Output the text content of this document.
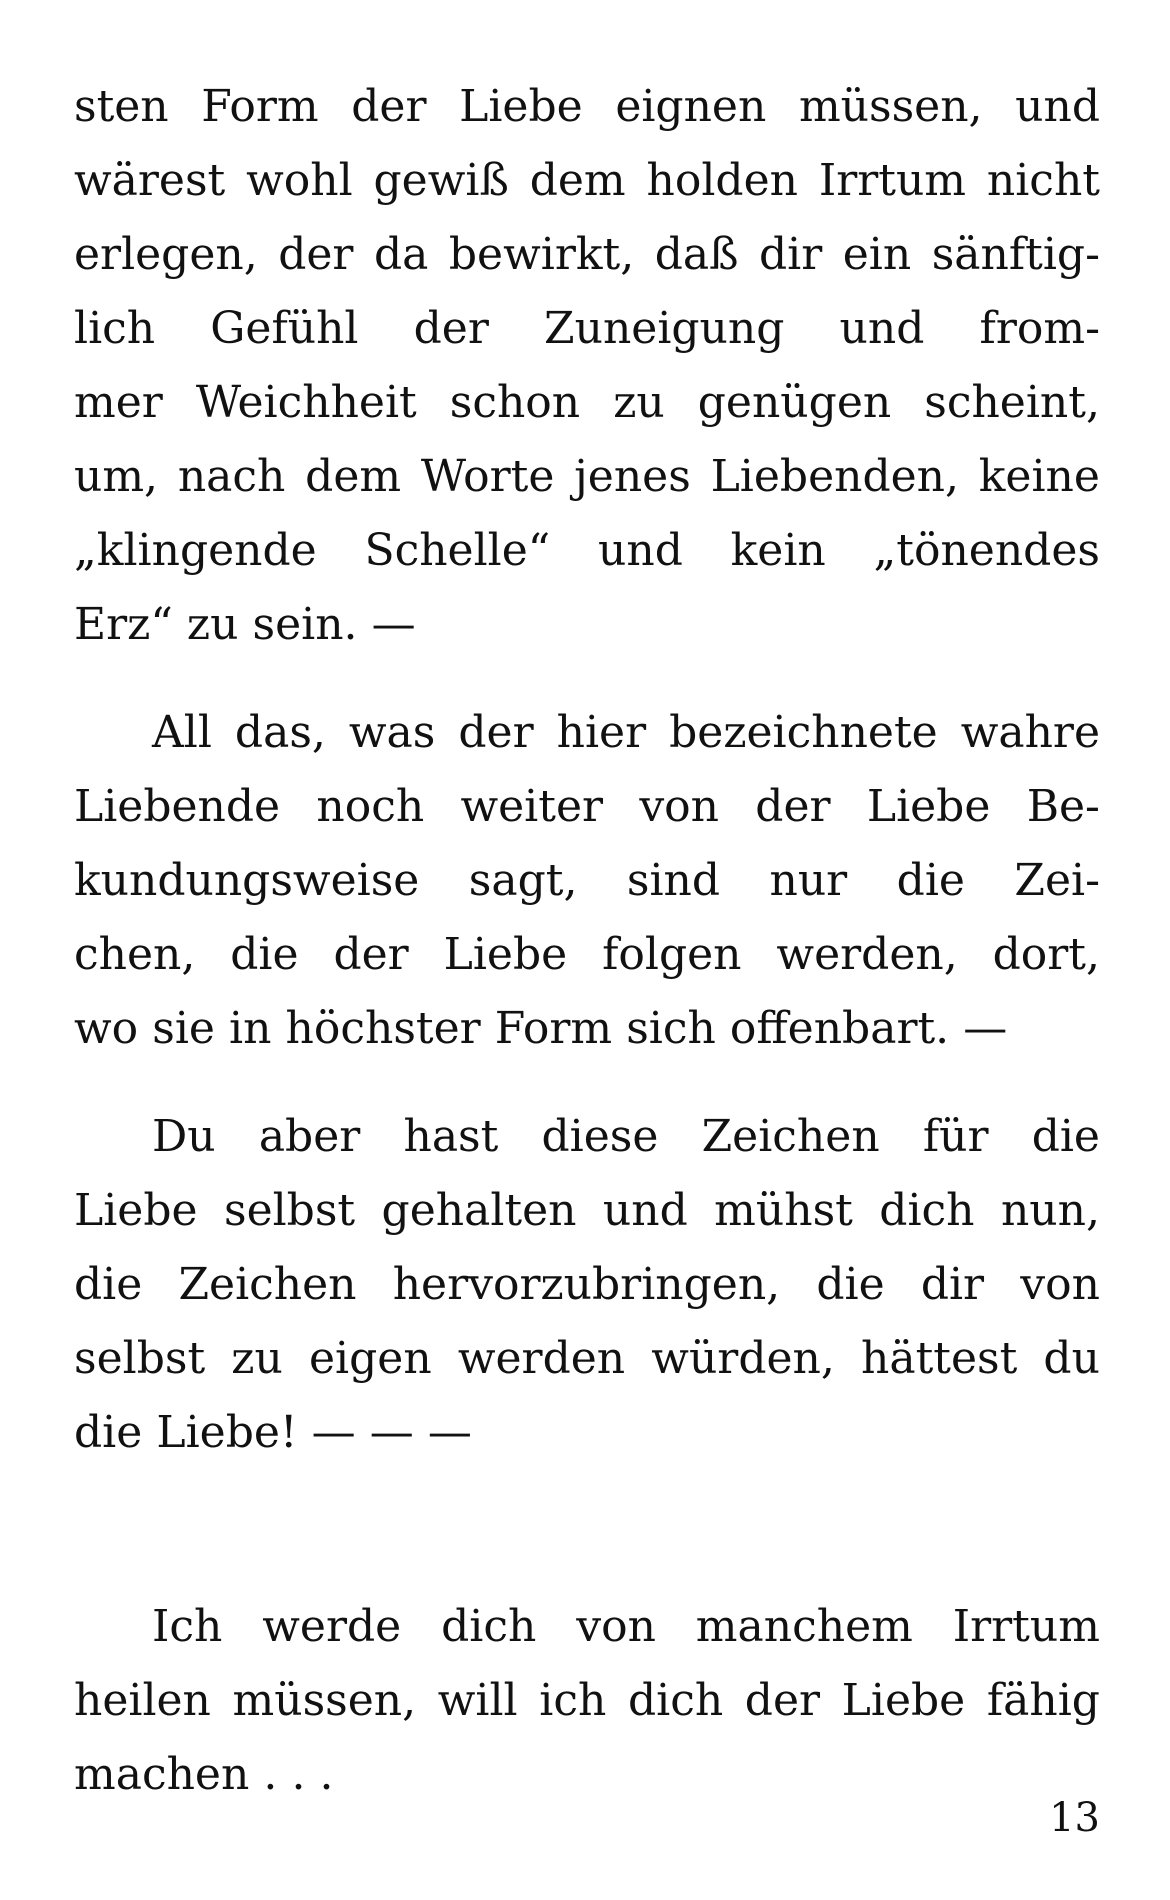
sten Form der Liebe eignen müssen, und
wärest wohl gewiß dem holden Irrtum nicht
erlegen, der da bewirkt, daß dir ein sänftig-
lich Gefühl der Zuneigung und from-
mer Weichheit schon zu genügen scheint,
um, nach dem Worte jenes Liebenden, keine
„klingende Schelle“ und kein „tönendes
Erz“ zu sein. —
All das, was der hier bezeichnete wahre
Liebende noch weiter von der Liebe Be-
kundungsweise sagt, sind nur die Zei-
chen, die der Liebe folgen werden, dort,
wo sie in höchster Form sich offenbart. —
Du aber hast diese Zeichen für die
Liebe selbst gehalten und mühst dich nun,
die Zeichen hervorzubringen, die dir von
selbst zu eigen werden würden, hättest du
die Liebe! — — —
Ich werde dich von manchem Irrtum
heilen müssen, will ich dich der Liebe fähig
machen . . .
13
